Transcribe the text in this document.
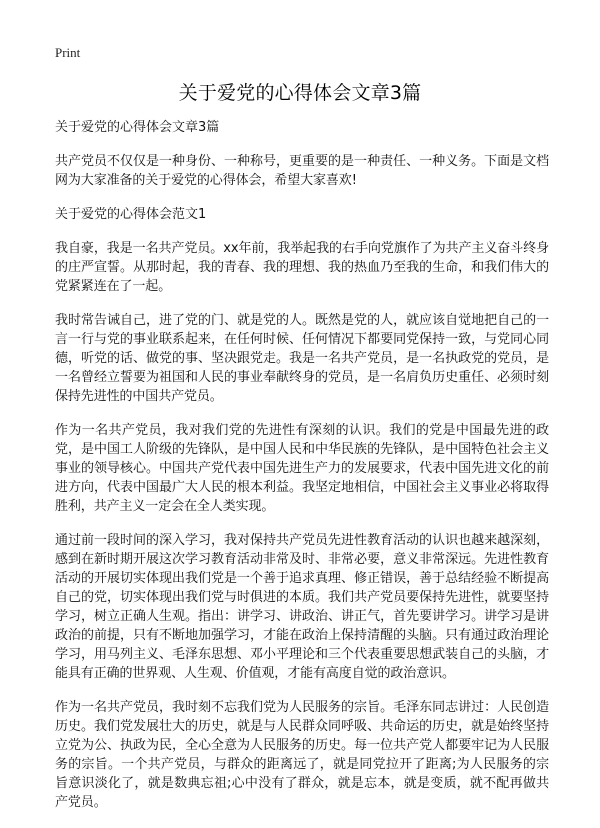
Print
关于爱党的心得体会文章3篇

关于爱党的心得体会文章3篇

共产党员不仅仅是一种身份、一种称号，更重要的是一种责任、一种义务。下面是文档网为大家准备的关于爱党的心得体会，希望大家喜欢!

关于爱党的心得体会范文1

我自豪，我是一名共产党员。xx年前，我举起我的右手向党旗作了为共产主义奋斗终身的庄严宣誓。从那时起，我的青春、我的理想、我的热血乃至我的生命，和我们伟大的党紧紧连在了一起。

我时常告诫自己，进了党的门、就是党的人。既然是党的人，就应该自觉地把自己的一言一行与党的事业联系起来，在任何时候、任何情况下都要同党保持一致，与党同心同德，听党的话、做党的事、坚决跟党走。我是一名共产党员，是一名执政党的党员，是一名曾经立誓要为祖国和人民的事业奉献终身的党员，是一名肩负历史重任、必须时刻保持先进性的中国共产党员。

作为一名共产党员，我对我们党的先进性有深刻的认识。我们的党是中国最先进的政党，是中国工人阶级的先锋队，是中国人民和中华民族的先锋队，是中国特色社会主义事业的领导核心。中国共产党代表中国先进生产力的发展要求，代表中国先进文化的前进方向，代表中国最广大人民的根本利益。我坚定地相信，中国社会主义事业必将取得胜利，共产主义一定会在全人类实现。

通过前一段时间的深入学习，我对保持共产党员先进性教育活动的认识也越来越深刻，感到在新时期开展这次学习教育活动非常及时、非常必要，意义非常深远。先进性教育活动的开展切实体现出我们党是一个善于追求真理、修正错误，善于总结经验不断提高自己的党，切实体现出我们党与时俱进的本质。我们共产党员要保持先进性，就要坚持学习，树立正确人生观。指出：讲学习、讲政治、讲正气，首先要讲学习。讲学习是讲政治的前提，只有不断地加强学习，才能在政治上保持清醒的头脑。只有通过政治理论学习，用马列主义、毛泽东思想、邓小平理论和三个代表重要思想武装自己的头脑，才能具有正确的世界观、人生观、价值观，才能有高度自觉的政治意识。

作为一名共产党员，我时刻不忘我们党为人民服务的宗旨。毛泽东同志讲过：人民创造历史。我们党发展壮大的历史，就是与人民群众同呼吸、共命运的历史，就是始终坚持立党为公、执政为民，全心全意为人民服务的历史。每一位共产党人都要牢记为人民服务的宗旨。一个共产党员，与群众的距离远了，就是同党拉开了距离;为人民服务的宗旨意识淡化了，就是数典忘祖;心中没有了群众，就是忘本，就是变质，就不配再做共产党员。
